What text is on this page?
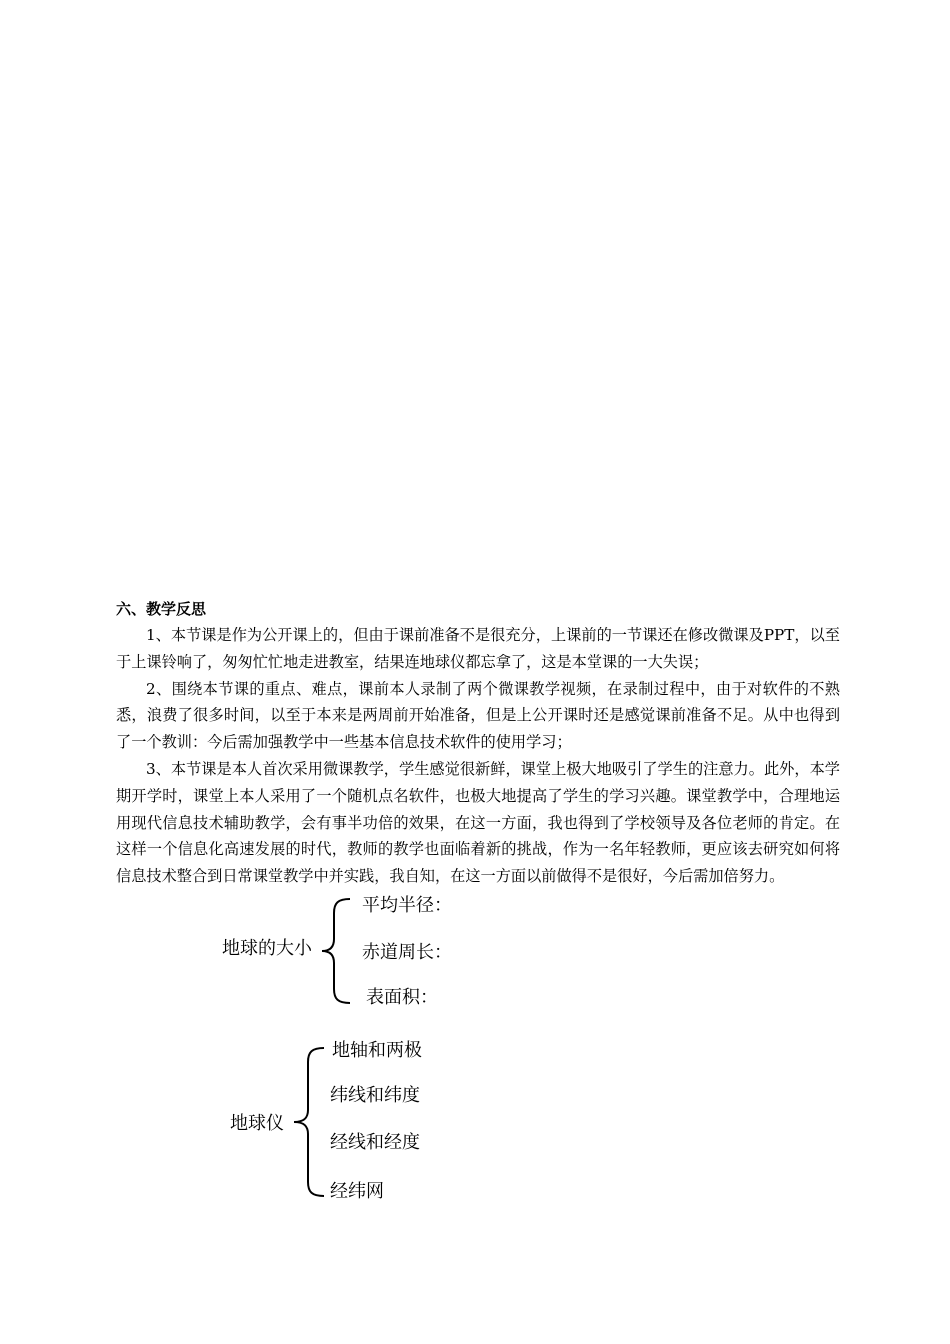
六、教学反思

1、本节课是作为公开课上的，但由于课前准备不是很充分，上课前的一节课还在修改微课及PPT，以至于上课铃响了，匆匆忙忙地走进教室，结果连地球仪都忘拿了，这是本堂课的一大失误；

2、围绕本节课的重点、难点，课前本人录制了两个微课教学视频，在录制过程中，由于对软件的不熟悉，浪费了很多时间，以至于本来是两周前开始准备，但是上公开课时还是感觉课前准备不足。从中也得到了一个教训：今后需加强教学中一些基本信息技术软件的使用学习；

3、本节课是本人首次采用微课教学，学生感觉很新鲜，课堂上极大地吸引了学生的注意力。此外，本学期开学时，课堂上本人采用了一个随机点名软件，也极大地提高了学生的学习兴趣。课堂教学中，合理地运用现代信息技术辅助教学，会有事半功倍的效果，在这一方面，我也得到了学校领导及各位老师的肯定。在这样一个信息化高速发展的时代，教师的教学也面临着新的挑战，作为一名年轻教师，更应该去研究如何将信息技术整合到日常课堂教学中并实践，我自知，在这一方面以前做得不是很好，今后需加倍努力。

地球的大小
平均半径：
赤道周长：
表面积：
地球仪
地轴和两极
纬线和纬度
经线和经度
经纬网
